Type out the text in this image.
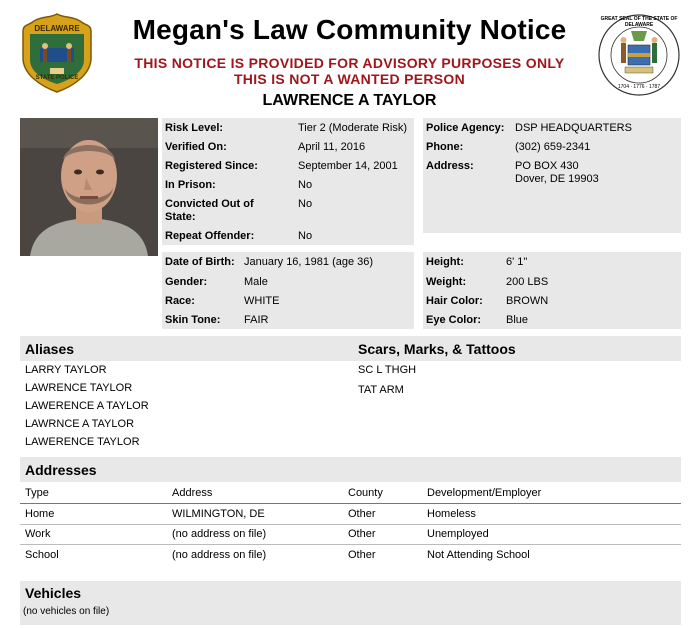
DELAWARE
STATE POLICE
GREAT SEAL OF THE STATE OF DELAWARE
1704 · 1776 · 1787
Megan's Law Community Notice
THIS NOTICE IS PROVIDED FOR ADVISORY PURPOSES ONLY
THIS IS NOT A WANTED PERSON
LAWRENCE A TAYLOR
Risk Level:	Tier 2 (Moderate Risk)
Verified On:	April 11, 2016
Registered Since:	September 14, 2001
In Prison:	No
Convicted Out of State:
No
Repeat Offender:	No
Police Agency: DSP HEADQUARTERS
Phone:	(302) 659-2341
Address:	PO BOX 430
Dover, DE 19903
Date of Birth: January 16, 1981 (age 36)
Gender:	Male
Race:	WHITE
Skin Tone: FAIR
Height:	6' 1"
Weight:	200 LBS
Hair Color: BROWN
Eye Color: Blue
Aliases	Scars, Marks, & Tattoos
LARRY TAYLOR
LAWRENCE TAYLOR
LAWERENCE A TAYLOR
LAWRNCE A TAYLOR
LAWERENCE TAYLOR
SC L THGH
TAT ARM
Addresses
Type	Address	County	Development/Employer
Home	WILMINGTON, DE	Other	Homeless
Work	(no address on file)	Other	Unemployed
School	(no address on file)	Other	Not Attending School
Vehicles
(no vehicles on file)
